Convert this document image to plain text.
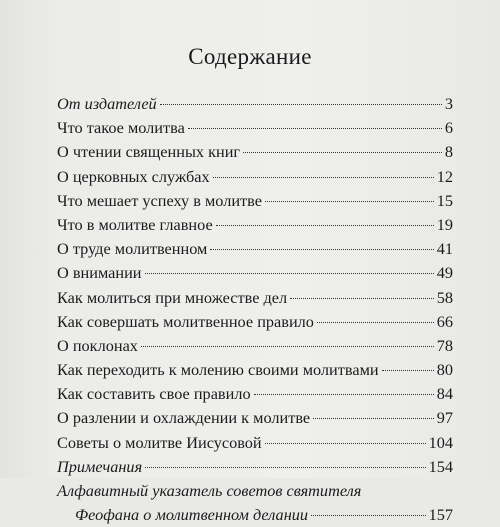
Содержание
От издателей	3
Что такое молитва	6
О чтении священных книг	8
О церковных службах	12
Что мешает успеху в молитве	15
Что в молитве главное	19
О труде молитвенном	41
О внимании	49
Как молиться при множестве дел	58
Как совершать молитвенное правило	66
О поклонах	78
Как переходить к молению своими молитвами	80
Как составить свое правило	84
О разлении и охлаждении к молитве	97
Советы о молитве Иисусовой	104
Примечания	154
Алфавитный указатель советов святителя
Феофана о молитвенном делании	157
